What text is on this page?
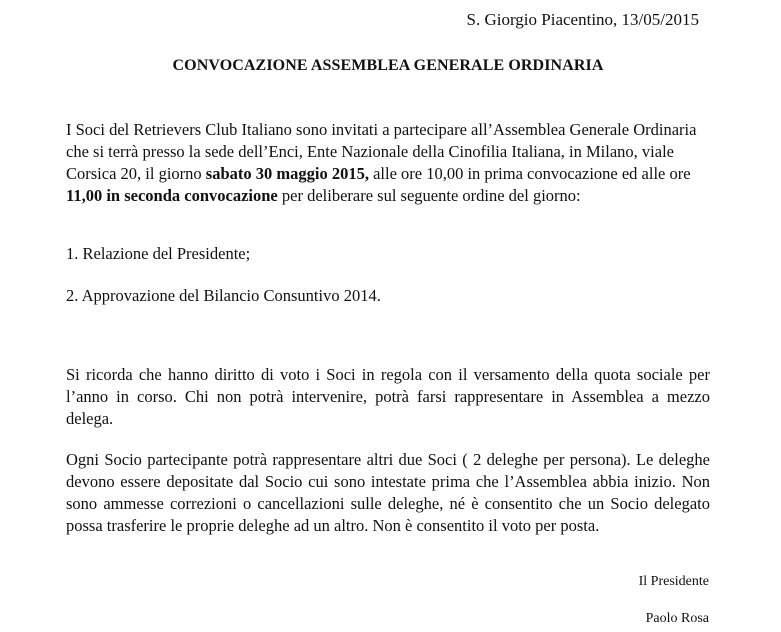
S. Giorgio Piacentino, 13/05/2015
CONVOCAZIONE ASSEMBLEA GENERALE ORDINARIA

I Soci del Retrievers Club Italiano sono invitati a partecipare all’Assemblea Generale Ordinaria che si terrà presso la sede dell’Enci, Ente Nazionale della Cinofilia Italiana, in Milano, viale Corsica 20, il giorno sabato 30 maggio 2015, alle ore 10,00 in prima convocazione ed alle ore 11,00 in seconda convocazione per deliberare sul seguente ordine del giorno:

1. Relazione del Presidente;

2. Approvazione del Bilancio Consuntivo 2014.

Si ricorda che hanno diritto di voto i Soci in regola con il versamento della quota sociale per l’anno in corso. Chi non potrà intervenire, potrà farsi rappresentare in Assemblea a mezzo delega.

Ogni Socio partecipante potrà rappresentare altri due Soci ( 2 deleghe per persona). Le deleghe devono essere depositate dal Socio cui sono intestate prima che l’Assemblea abbia inizio. Non sono ammesse correzioni o cancellazioni sulle deleghe, né è consentito che un Socio delegato possa trasferire le proprie deleghe ad un altro. Non è consentito il voto per posta.

Il Presidente
Paolo Rosa
